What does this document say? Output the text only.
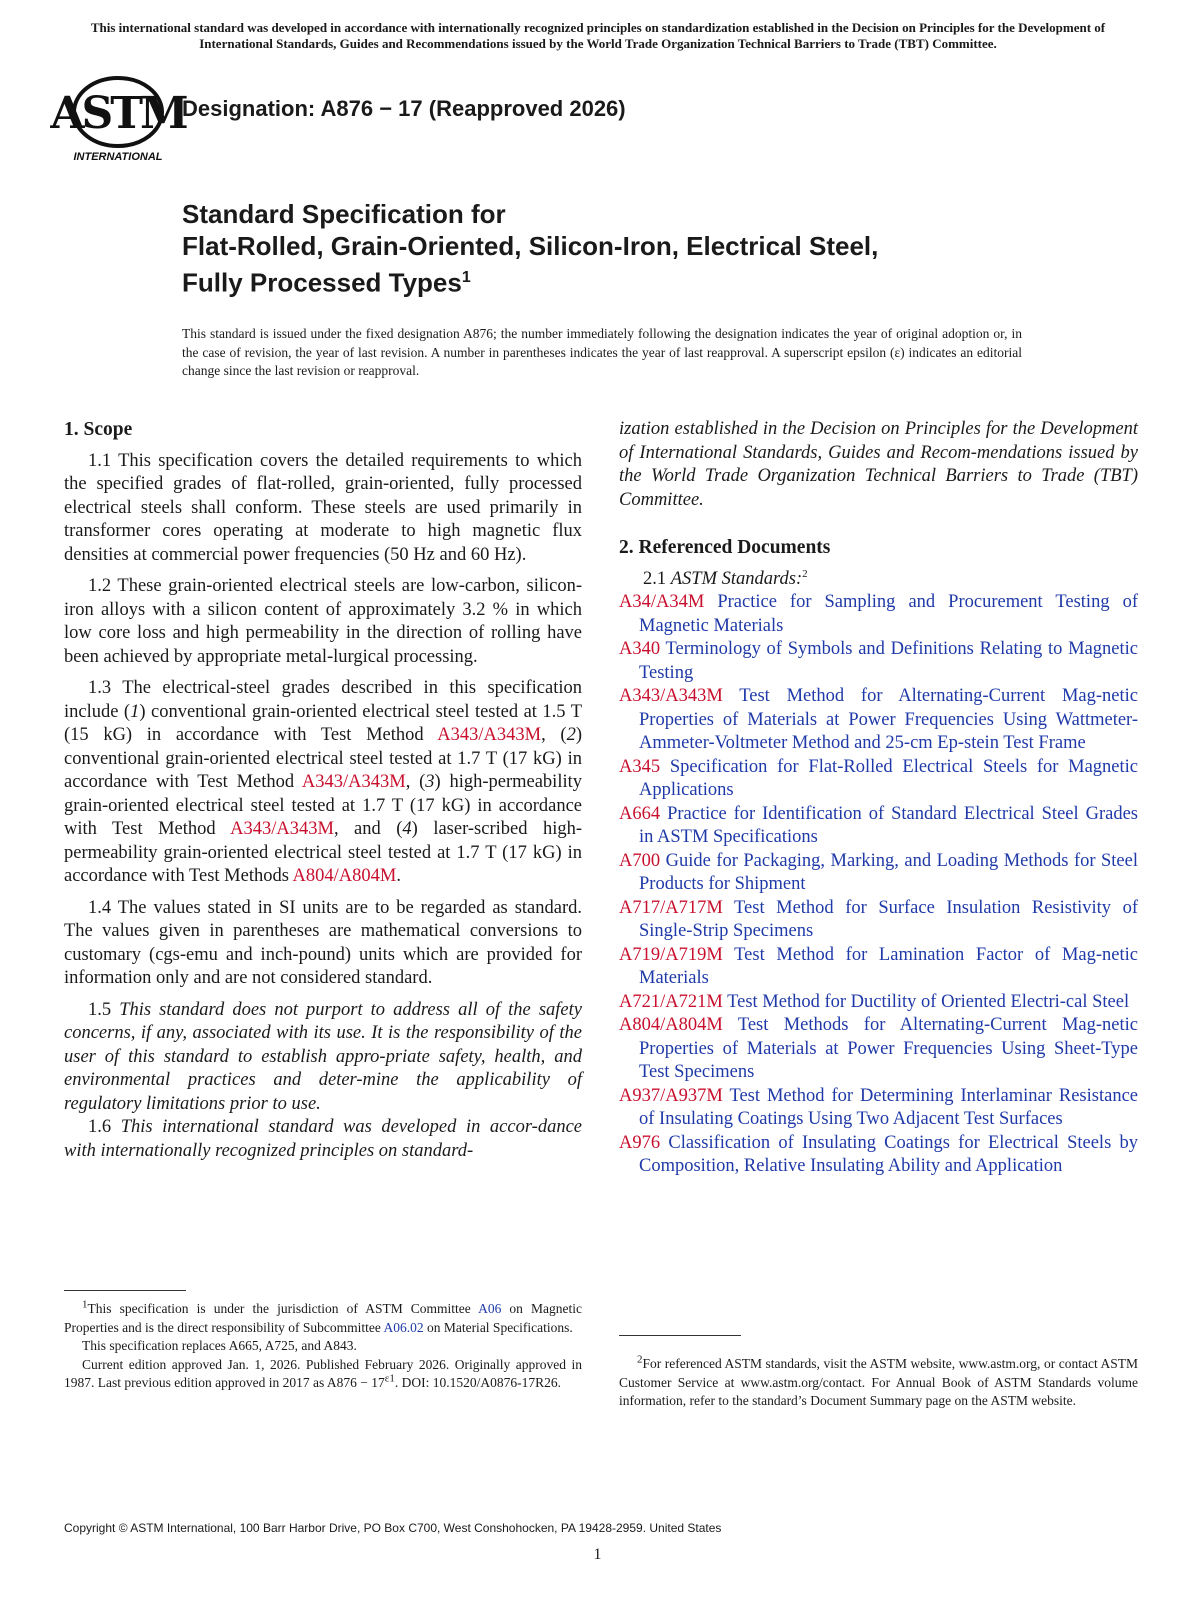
This international standard was developed in accordance with internationally recognized principles on standardization established in the Decision on Principles for the Development of International Standards, Guides and Recommendations issued by the World Trade Organization Technical Barriers to Trade (TBT) Committee.
ASTM
INTERNATIONAL
Designation: A876 − 17 (Reapproved 2026)
Standard Specification for
Flat-Rolled, Grain-Oriented, Silicon-Iron, Electrical Steel,
Fully Processed Types$^1$
This standard is issued under the fixed designation A876; the number immediately following the designation indicates the year of original adoption or, in the case of revision, the year of last revision. A number in parentheses indicates the year of last reapproval. A superscript epsilon (ε) indicates an editorial change since the last revision or reapproval.
1. Scope

1.1 This specification covers the detailed requirements to which the specified grades of flat-rolled, grain-oriented, fully processed electrical steels shall conform. These steels are used primarily in transformer cores operating at moderate to high magnetic flux densities at commercial power frequencies (50 Hz and 60 Hz).

1.2 These grain-oriented electrical steels are low-carbon, silicon-iron alloys with a silicon content of approximately 3.2 % in which low core loss and high permeability in the direction of rolling have been achieved by appropriate metal-lurgical processing.

1.3 The electrical-steel grades described in this specification include (1) conventional grain-oriented electrical steel tested at 1.5 T (15 kG) in accordance with Test Method A343/A343M, (2) conventional grain-oriented electrical steel tested at 1.7 T (17 kG) in accordance with Test Method A343/A343M, (3) high-permeability grain-oriented electrical steel tested at 1.7 T (17 kG) in accordance with Test Method A343/A343M, and (4) laser-scribed high-permeability grain-oriented electrical steel tested at 1.7 T (17 kG) in accordance with Test Methods A804/A804M.

1.4 The values stated in SI units are to be regarded as standard. The values given in parentheses are mathematical conversions to customary (cgs-emu and inch-pound) units which are provided for information only and are not considered standard.

1.5 This standard does not purport to address all of the safety concerns, if any, associated with its use. It is the responsibility of the user of this standard to establish appro-priate safety, health, and environmental practices and deter-mine the applicability of regulatory limitations prior to use.

1.6 This international standard was developed in accor-dance with internationally recognized principles on standard-

ization established in the Decision on Principles for the Development of International Standards, Guides and Recom-mendations issued by the World Trade Organization Technical Barriers to Trade (TBT) Committee.

2. Referenced Documents

2.1 ASTM Standards:$^2$

A34/A34M Practice for Sampling and Procurement Testing of Magnetic Materials

A340 Terminology of Symbols and Definitions Relating to Magnetic Testing

A343/A343M Test Method for Alternating-Current Mag-netic Properties of Materials at Power Frequencies Using Wattmeter-Ammeter-Voltmeter Method and 25-cm Ep-stein Test Frame

A345 Specification for Flat-Rolled Electrical Steels for Magnetic Applications

A664 Practice for Identification of Standard Electrical Steel Grades in ASTM Specifications

A700 Guide for Packaging, Marking, and Loading Methods for Steel Products for Shipment

A717/A717M Test Method for Surface Insulation Resistivity of Single-Strip Specimens

A719/A719M Test Method for Lamination Factor of Mag-netic Materials

A721/A721M Test Method for Ductility of Oriented Electri-cal Steel

A804/A804M Test Methods for Alternating-Current Mag-netic Properties of Materials at Power Frequencies Using Sheet-Type Test Specimens

A937/A937M Test Method for Determining Interlaminar Resistance of Insulating Coatings Using Two Adjacent Test Surfaces

A976 Classification of Insulating Coatings for Electrical Steels by Composition, Relative Insulating Ability and Application

$^1$This specification is under the jurisdiction of ASTM Committee A06 on Magnetic Properties and is the direct responsibility of Subcommittee A06.02 on Material Specifications.

This specification replaces A665, A725, and A843.

Current edition approved Jan. 1, 2026. Published February 2026. Originally approved in 1987. Last previous edition approved in 2017 as $A876 - 17^{\varepsilon 1}$. DOI: 10.1520/A0876-17R26.

$^2$For referenced ASTM standards, visit the ASTM website, www.astm.org, or contact ASTM Customer Service at www.astm.org/contact. For Annual Book of ASTM Standards volume information, refer to the standard’s Document Summary page on the ASTM website.

Copyright © ASTM International, 100 Barr Harbor Drive, PO Box C700, West Conshohocken, PA 19428-2959. United States
1
